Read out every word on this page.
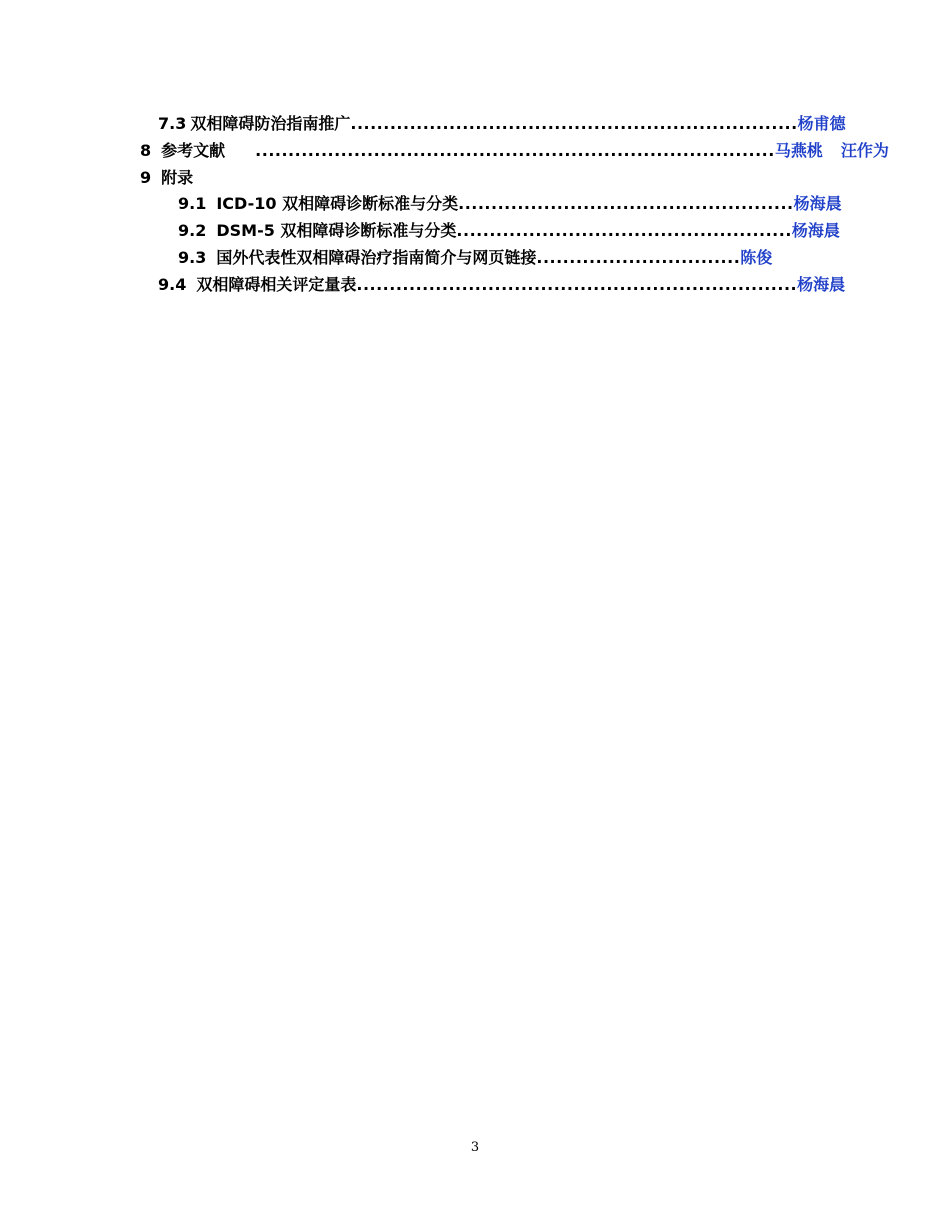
7.3 双相障碍防治指南推广....................................................................杨甫德
8 参考文献 ...............................................................................马燕桃 汪作为
9 附录
9.1 ICD-10 双相障碍诊断标准与分类...................................................杨海晨
9.2 DSM-5 双相障碍诊断标准与分类...................................................杨海晨
9.3 国外代表性双相障碍治疗指南简介与网页链接...............................陈俊
9.4 双相障碍相关评定量表...................................................................杨海晨
3
